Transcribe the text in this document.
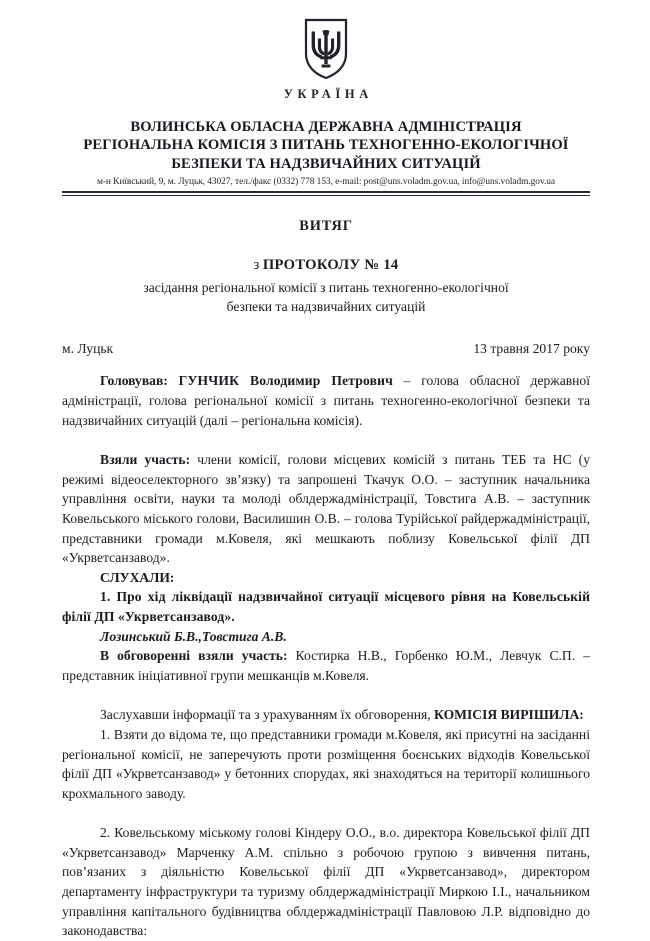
УКРАЇНА
ВОЛИНСЬКА ОБЛАСНА ДЕРЖАВНА АДМІНІСТРАЦІЯ
РЕГІОНАЛЬНА КОМІСІЯ З ПИТАНЬ ТЕХНОГЕННО-ЕКОЛОГІЧНОЇ
БЕЗПЕКИ ТА НАДЗВИЧАЙНИХ СИТУАЦІЙ
м-н Київський, 9, м. Луцьк, 43027, тел./факс (0332) 778 153, e-mail: post@uns.voladm.gov.ua, info@uns.voladm.gov.ua
ВИТЯГ
з ПРОТОКОЛУ № 14
засідання регіональної комісії з питань техногенно-екологічної
безпеки та надзвичайних ситуацій
м. Луцьк	13 травня 2017 року

Головував: ГУНЧИК Володимир Петрович – голова обласної державної адміністрації, голова регіональної комісії з питань техногенно-екологічної безпеки та надзвичайних ситуацій (далі – регіональна комісія).

Взяли участь: члени комісії, голови місцевих комісій з питань ТЕБ та НС (у режимі відеоселекторного зв’язку) та запрошені Ткачук О.О. – заступник начальника управління освіти, науки та молоді облдержадміністрації, Товстига А.В. – заступник Ковельського міського голови, Василишин О.В. – голова Турійської райдержадміністрації, представники громади м.Ковеля, які мешкають поблизу Ковельської філії ДП «Укрветсанзавод».

СЛУХАЛИ:

1. Про хід ліквідації надзвичайної ситуації місцевого рівня на Ковельській філії ДП «Укрветсанзавод».

Лозинський Б.В.,Товстига А.В.

В обговоренні взяли участь: Костирка Н.В., Горбенко Ю.М., Левчук С.П. – представник ініціативної групи мешканців м.Ковеля.

Заслухавши інформації та з урахуванням їх обговорення, КОМІСІЯ ВИРІШИЛА:

1. Взяти до відома те, що представники громади м.Ковеля, які присутні на засіданні регіональної комісії, не заперечують проти розміщення боєнських відходів Ковельської філії ДП «Укрветсанзавод» у бетонних спорудах, які знаходяться на території колишнього крохмального заводу.

2. Ковельському міському голові Кіндеру О.О., в.о. директора Ковельської філії ДП «Укрветсанзавод» Марченку А.М. спільно з робочою групою з вивчення питань, пов’язаних з діяльністю Ковельської філії ДП «Укрветсанзавод», директором департаменту інфраструктури та туризму облдержадміністрації Миркою І.І., начальником управління капітального будівництва облдержадміністрації Павловою Л.Р. відповідно до законодавства:
